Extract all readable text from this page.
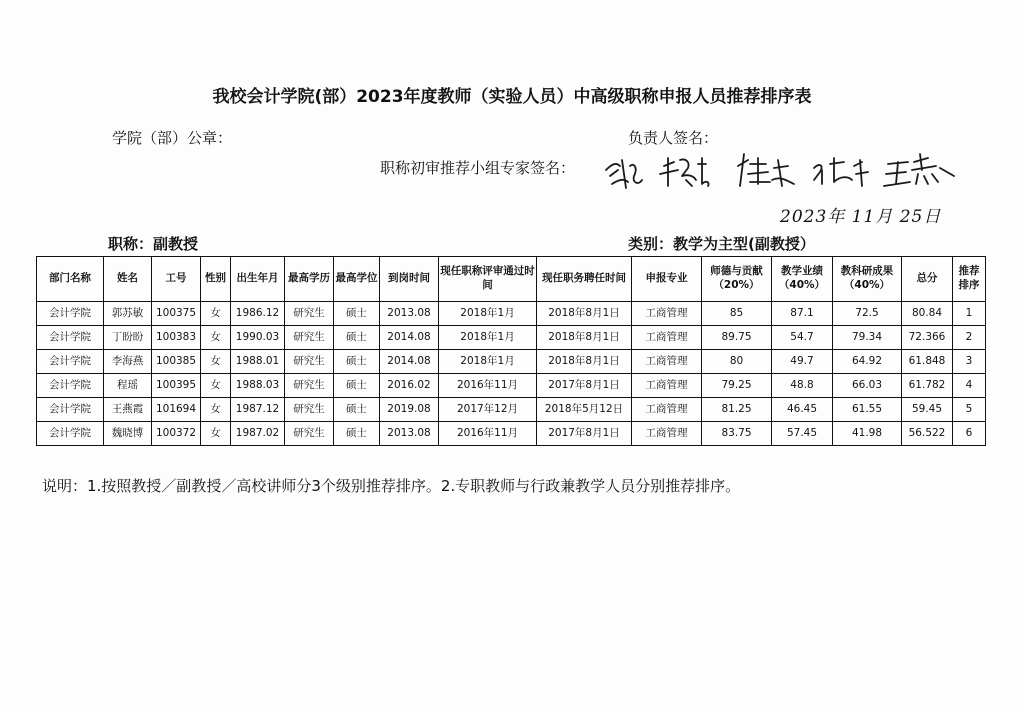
我校会计学院(部）2023年度教师（实验人员）中高级职称申报人员推荐排序表
学院（部）公章：	负责人签名：
职称初审推荐小组专家签名：
2023年 11月 25日
职称：副教授	类别：教学为主型(副教授）
部门名称	姓名	工号	性别	出生年月	最高学历	最高学位	到岗时间	现任职称评审通过时间	现任职务聘任时间	申报专业	师德与贡献（20%）	教学业绩（40%）	教科研成果（40%）	总分	推荐排序
会计学院	郭苏敏	100375	女	1986.12	研究生	硕士	2013.08	2018年1月	2018年8月1日	工商管理	85	87.1	72.5	80.84	1
会计学院	丁盼盼	100383	女	1990.03	研究生	硕士	2014.08	2018年1月	2018年8月1日	工商管理	89.75	54.7	79.34	72.366	2
会计学院	李海燕	100385	女	1988.01	研究生	硕士	2014.08	2018年1月	2018年8月1日	工商管理	80	49.7	64.92	61.848	3
会计学院	程瑶	100395	女	1988.03	研究生	硕士	2016.02	2016年11月	2017年8月1日	工商管理	79.25	48.8	66.03	61.782	4
会计学院	王燕霞	101694	女	1987.12	研究生	硕士	2019.08	2017年12月	2018年5月12日	工商管理	81.25	46.45	61.55	59.45	5
会计学院	魏晓博	100372	女	1987.02	研究生	硕士	2013.08	2016年11月	2017年8月1日	工商管理	83.75	57.45	41.98	56.522	6
说明：1.按照教授／副教授／高校讲师分3个级别推荐排序。2.专职教师与行政兼教学人员分别推荐排序。
